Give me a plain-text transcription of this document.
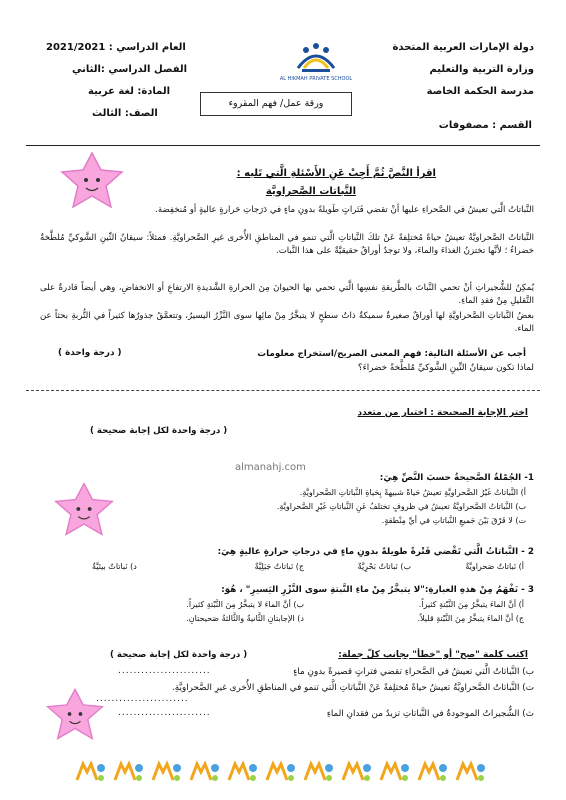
دولة الإمارات العربية المتحدة
وزارة التربية والتعليم
مدرسة الحكمة الخاصة
العام الدراسي : 2021/2021
الفصل الدراسي :الثاني
المادة: لغة عربية
الصف: الثالث
AL HIKMAH PRIVATE SCHOOL
ورقة عمل/ فهم المقروء
القسم : مصفوفات
اقرأ النَّصَّ ثُمَّ أَجِبْ عَنِ الأَسْئلةِ الَّتي تَليه :
النَّباتات الصَّحراويَّة
النَّباتاتُ الَّتي تعيشُ في الصَّحراءِ عليها أنْ تقضي فَتَراتٍ طَويلةً بدونِ ماءٍ في دَرَجاتِ حَرارةٍ عاليةٍ أو مُنخفِضة.
النَّباتاتُ الصَّحراويَّةُ تعيشُ حياةً مُختلِفةً عَنْ تلكَ النَّباتاتِ الَّتي تنمو في المناطقِ الأُخرى غيرِ الصَّحراويَّةِ. فمثلاً: سيقانُ التِّينِ الشَّوكيِّ مُلطَّخةٌ خضراءُ ؛ لأنَّها تختزنُ الغذاءَ والماءَ، ولا توجدُ أوراقٌ حقيقيَّةٌ على هذا النَّبات.
يُمكِنُ للشُّجيراتِ أنْ تحمي النَّباتَ بالطَّريقةِ نفسِها الَّتي تحمي بها الحيوانَ مِنَ الحرارةِ الشَّديدةِ الارتفاعِ أو الانخفاضِ، وهي أيضاً قادرةٌ على التَّقليلِ مِنْ فقدِ الماءِ.
بعضُ النَّباتاتِ الصَّحراويَّةِ لها أوراقٌ صغيرةٌ سميكةٌ ذاتُ سطحٍ لا يتبخَّرُ مِنْ مائِها سوى النَّزْرُ اليسيرُ، وتتعمَّقُ جذورُها كثيراً في التُّربةِ بحثاً عن الماء.
أجب عن الأسئلة التالية: فهم المعنى الصريح/استخراج معلومات
( درجة واحدة )
لماذا تكون سيقانُ التِّينِ الشَّوكيِّ مُلطَّخةً خضراءَ؟
اختر الإجابة الصحيحة : اختيار من متعدد
( درجة واحدة لكل إجابة صحيحة )
almanahj.com
1- الجُمْلةُ الصَّحيحةُ حسبَ النَّصِّ هِيَ:
أ) النَّباتاتُ غَيْرُ الصَّحراويَّةِ تعيشُ حَياةً شبيهةً بِحَياةِ النَّباتاتِ الصَّحراويَّةِ.
ب) النَّباتاتُ الصَّحراويَّةُ تعيشُ في ظروفٍ تختلفُ عَنِ النَّباتاتِ غَيْرِ الصَّحراويَّةِ.
ت) لا فَرْقَ بَيْنَ جَميعِ النَّباتاتِ في أيِّ مِنْطقةٍ.
2 - النَّباتاتُ الَّتي تَقْضي فَتْرةً طويلةً بدونِ ماءٍ في درجاتِ حرارةٍ عاليةٍ هِيَ:
أ) نَباتاتٌ صَحراويَّةٌ
ب) نَباتاتٌ بَحْرِيَّةٌ
ج) نَباتاتٌ جَبَلِيَّةٌ
د) نَباتاتٌ بيئيَّةٌ
3 - نَفْهَمُ مِنْ هذهِ العبارةِ:"لا يتبخَّرُ مِنْ ماءِ النَّبتةِ سوى النَّزْرِ اليَسيرِ" ، هُوَ:
أ) أنَّ الماءَ يتبخَّرُ مِنَ النَّبْتةِ كثيراً.
ب) أنَّ الماءَ لا يتبخَّرُ مِنَ النَّبْتةِ كثيراً.
ج) أنَّ الماءَ يتبخَّرُ مِنَ النَّبْتةِ قليلاً.
د) الإجابتانِ الثَّانيةُ والثَّالثةُ صَحيحتانِ.
اكتب كلمة "صح" أو "خطأ" بجانب كلّ جملة:
( درجة واحدة لكل إجابة صحيحة )
ب) النَّباتاتُ الَّتي تعيشُ في الصَّحراءِ تقضي فتراتٍ قصيرةً بدونِ ماءٍ
........................
ت) النَّباتاتُ الصَّحراويَّةُ تعيشُ حياةً مُختلِفةً عَنْ النَّباتاتِ الَّتي تنمو في المناطقِ الأُخرى غيرِ الصَّحراويَّةِ.
........................
ث) الشُّجيراتُ الموجودةُ في النَّباتاتِ تزيدُ من فقدانِ الماءِ
........................
